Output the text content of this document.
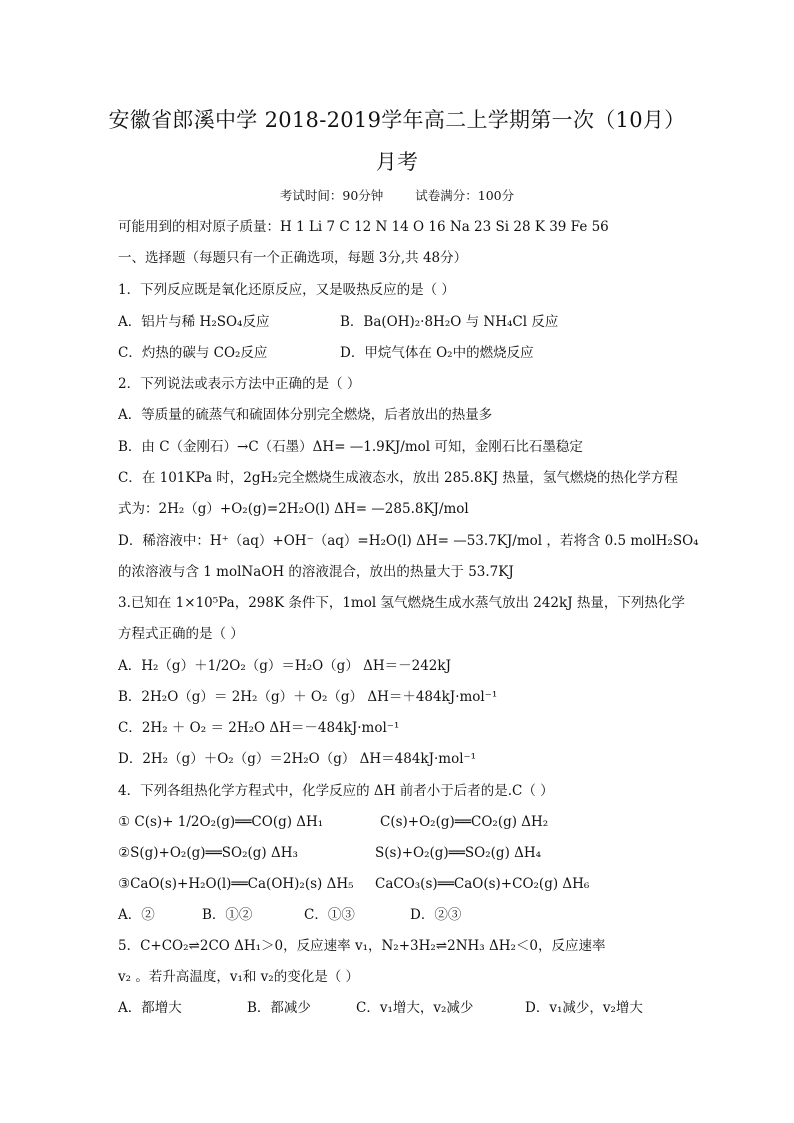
安徽省郎溪中学 2018-2019学年高二上学期第一次（10月）
月考
考试时间：90分钟	试卷满分：100分
可能用到的相对原子质量：H 1 Li 7 C 12 N 14 O 16 Na 23 Si 28 K 39 Fe 56
一、选择题（每题只有一个正确选项，每题 3分,共 48分）
1．下列反应既是氧化还原反应，又是吸热反应的是（ ）
A．铝片与稀 H₂SO₄反应	B．Ba(OH)₂·8H₂O 与 NH₄Cl 反应
C．灼热的碳与 CO₂反应	D．甲烷气体在 O₂中的燃烧反应
2．下列说法或表示方法中正确的是（ ）
A．等质量的硫蒸气和硫固体分别完全燃烧，后者放出的热量多
B．由 C（金刚石）→C（石墨）ΔH= —1.9KJ/mol 可知，金刚石比石墨稳定
C．在 101KPa 时，2gH₂完全燃烧生成液态水，放出 285.8KJ 热量，氢气燃烧的热化学方程
式为：2H₂（g）+O₂(g)=2H₂O(l) ΔH= —285.8KJ/mol
D．稀溶液中：H⁺（aq）+OH⁻（aq）=H₂O(l) ΔH= —53.7KJ/mol ，若将含 0.5 molH₂SO₄
的浓溶液与含 1 molNaOH 的溶液混合，放出的热量大于 53.7KJ
3.已知在 1×10⁵Pa，298K 条件下，1mol 氢气燃烧生成水蒸气放出 242kJ 热量，下列热化学
方程式正确的是（ ）
A．H₂（g）＋1/2O₂（g）＝H₂O（g） ΔH＝－242kJ
B．2H₂O（g）＝ 2H₂（g）＋ O₂（g） ΔH＝＋484kJ·mol⁻¹
C．2H₂ ＋ O₂ ＝ 2H₂O ΔH＝－484kJ·mol⁻¹
D．2H₂（g）＋O₂（g）＝2H₂O（g） ΔH＝484kJ·mol⁻¹
4．下列各组热化学方程式中，化学反应的 ΔH 前者小于后者的是.C（ ）
① C(s)+ 1/2O₂(g)══CO(g) ΔH₁	C(s)+O₂(g)══CO₂(g) ΔH₂
②S(g)+O₂(g)══SO₂(g) ΔH₃	S(s)+O₂(g)══SO₂(g) ΔH₄
③CaO(s)+H₂O(l)══Ca(OH)₂(s) ΔH₅ CaCO₃(s)══CaO(s)+CO₂(g) ΔH₆
A．②	B．①②	C．①③	D．②③
5．C+CO₂⇌2CO ΔH₁＞0，反应速率 v₁，N₂+3H₂⇌2NH₃ ΔH₂＜0，反应速率
v₂ 。若升高温度，v₁和 v₂的变化是（ ）
A．都增大	B．都减少	C．v₁增大，v₂减少	D．v₁减少，v₂增大
